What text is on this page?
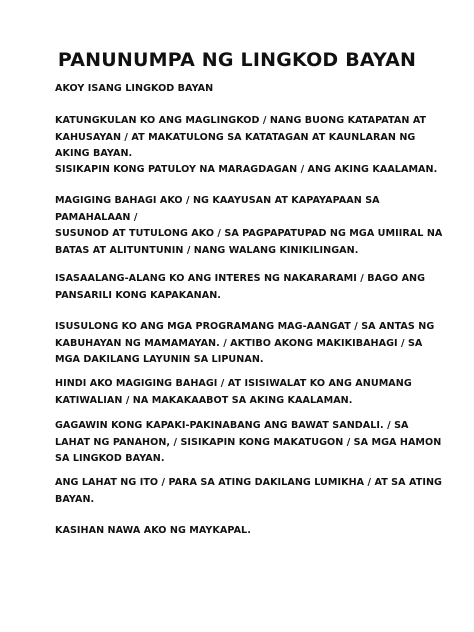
PANUNUMPA NG LINGKOD BAYAN

AKOY ISANG LINGKOD BAYAN

KATUNGKULAN KO ANG MAGLINGKOD / NANG BUONG KATAPATAN AT
KAHUSAYAN / AT MAKATULONG SA KATATAGAN AT KAUNLARAN NG
AKING BAYAN.

SISIKAPIN KONG PATULOY NA MARAGDAGAN / ANG AKING KAALAMAN.

MAGIGING BAHAGI AKO / NG KAAYUSAN AT KAPAYAPAAN SA
PAMAHALAAN /

SUSUNOD AT TUTULONG AKO / SA PAGPAPATUPAD NG MGA UMIIRAL NA
BATAS AT ALITUNTUNIN / NANG WALANG KINIKILINGAN.

ISASAALANG-ALANG KO ANG INTERES NG NAKARARAMI / BAGO ANG
PANSARILI KONG KAPAKANAN.

ISUSULONG KO ANG MGA PROGRAMANG MAG-AANGAT / SA ANTAS NG
KABUHAYAN NG MAMAMAYAN. / AKTIBO AKONG MAKIKIBAHAGI / SA
MGA DAKILANG LAYUNIN SA LIPUNAN.

HINDI AKO MAGIGING BAHAGI / AT ISISIWALAT KO ANG ANUMANG
KATIWALIAN / NA MAKAKAABOT SA AKING KAALAMAN.

GAGAWIN KONG KAPAKI-PAKINABANG ANG BAWAT SANDALI. / SA
LAHAT NG PANAHON, / SISIKAPIN KONG MAKATUGON / SA MGA HAMON
SA LINGKOD BAYAN.

ANG LAHAT NG ITO / PARA SA ATING DAKILANG LUMIKHA / AT SA ATING
BAYAN.

KASIHAN NAWA AKO NG MAYKAPAL.
